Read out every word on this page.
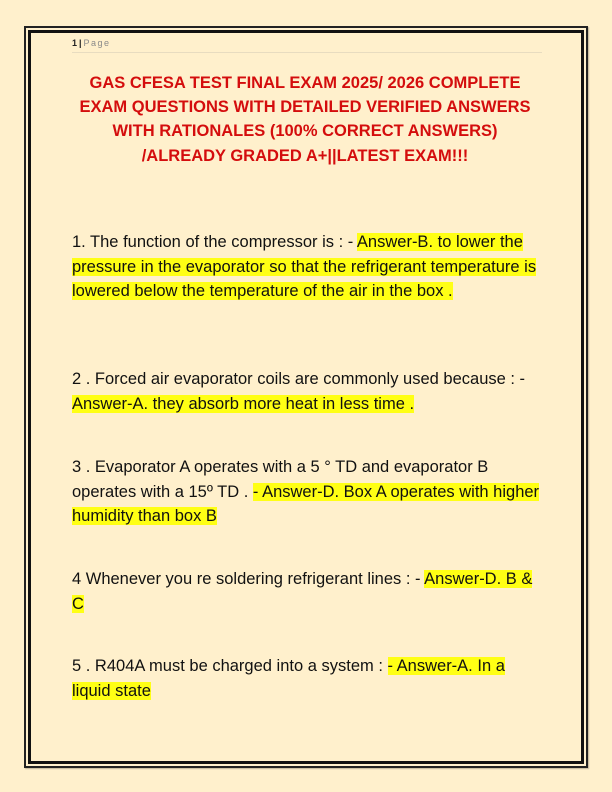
1 | Page
GAS CFESA TEST FINAL EXAM 2025/ 2026 COMPLETE EXAM QUESTIONS WITH DETAILED VERIFIED ANSWERS WITH RATIONALES (100% CORRECT ANSWERS) /ALREADY GRADED A+||LATEST EXAM!!!
1. The function of the compressor is : - Answer-B. to lower the pressure in the evaporator so that the refrigerant temperature is lowered below the temperature of the air in the box .
2 . Forced air evaporator coils are commonly used because : - Answer-A. they absorb more heat in less time .
3 . Evaporator A operates with a 5 ° TD and evaporator B operates with a 15º TD . - Answer-D. Box A operates with higher humidity than box B
4 Whenever you re soldering refrigerant lines : - Answer-D. B & C
5 . R404A must be charged into a system : - Answer-A. In a liquid state
